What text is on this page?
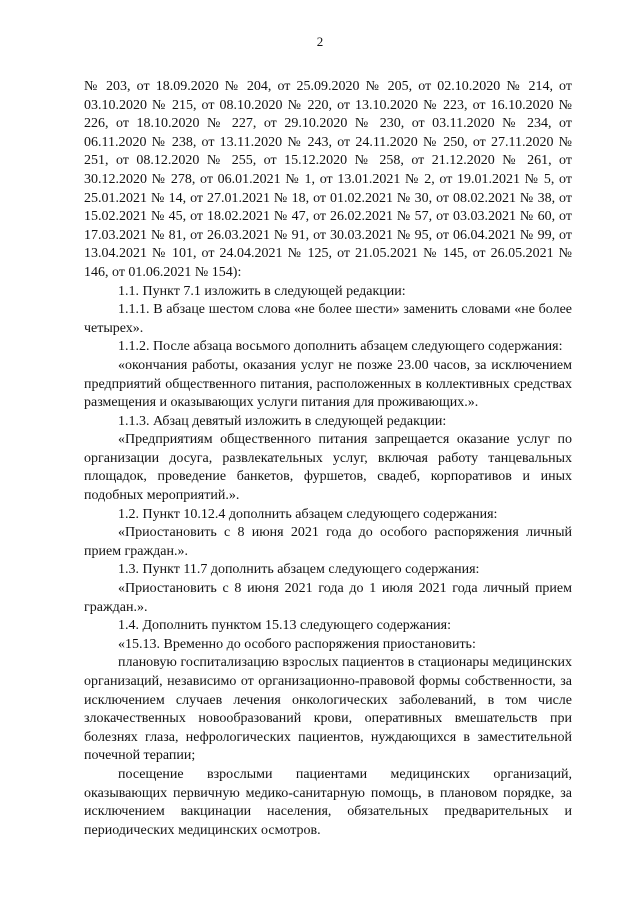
2

№ 203, от 18.09.2020 № 204, от 25.09.2020 № 205, от 02.10.2020 № 214, от 03.10.2020 № 215, от 08.10.2020 № 220, от 13.10.2020 № 223, от 16.10.2020 № 226, от 18.10.2020 № 227, от 29.10.2020 № 230, от 03.11.2020 № 234, от 06.11.2020 № 238, от 13.11.2020 № 243, от 24.11.2020 № 250, от 27.11.2020 № 251, от 08.12.2020 № 255, от 15.12.2020 № 258, от 21.12.2020 № 261, от 30.12.2020 № 278, от 06.01.2021 № 1, от 13.01.2021 № 2, от 19.01.2021 № 5, от 25.01.2021 № 14, от 27.01.2021 № 18, от 01.02.2021 № 30, от 08.02.2021 № 38, от 15.02.2021 № 45, от 18.02.2021 № 47, от 26.02.2021 № 57, от 03.03.2021 № 60, от 17.03.2021 № 81, от 26.03.2021 № 91, от 30.03.2021 № 95, от 06.04.2021 № 99, от 13.04.2021 № 101, от 24.04.2021 № 125, от 21.05.2021 № 145, от 26.05.2021 № 146, от 01.06.2021 № 154):

1.1. Пункт 7.1 изложить в следующей редакции:

1.1.1. В абзаце шестом слова «не более шести» заменить словами «не более четырех».

1.1.2. После абзаца восьмого дополнить абзацем следующего содержания:

«окончания работы, оказания услуг не позже 23.00 часов, за исключением предприятий общественного питания, расположенных в коллективных средствах размещения и оказывающих услуги питания для проживающих.».

1.1.3. Абзац девятый изложить в следующей редакции:

«Предприятиям общественного питания запрещается оказание услуг по организации досуга, развлекательных услуг, включая работу танцевальных площадок, проведение банкетов, фуршетов, свадеб, корпоративов и иных подобных мероприятий.».

1.2. Пункт 10.12.4 дополнить абзацем следующего содержания:

«Приостановить с 8 июня 2021 года до особого распоряжения личный прием граждан.».

1.3. Пункт 11.7 дополнить абзацем следующего содержания:

«Приостановить с 8 июня 2021 года до 1 июля 2021 года личный прием граждан.».

1.4. Дополнить пунктом 15.13 следующего содержания:

«15.13. Временно до особого распоряжения приостановить:

плановую госпитализацию взрослых пациентов в стационары медицинских организаций, независимо от организационно-правовой формы собственности, за исключением случаев лечения онкологических заболеваний, в том числе злокачественных новообразований крови, оперативных вмешательств при болезнях глаза, нефрологических пациентов, нуждающихся в заместительной почечной терапии;

посещение взрослыми пациентами медицинских организаций, оказывающих первичную медико-санитарную помощь, в плановом порядке, за исключением вакцинации населения, обязательных предварительных и периодических медицинских осмотров.
